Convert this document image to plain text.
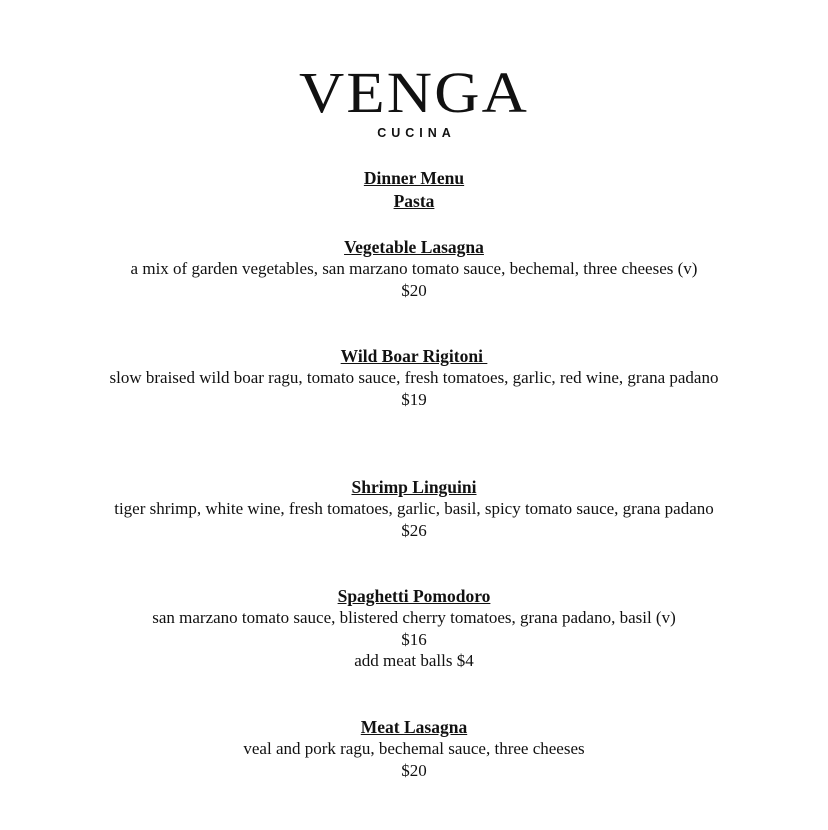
VENGA
CUCINA
Dinner Menu
Pasta
Vegetable Lasagna
a mix of garden vegetables, san marzano tomato sauce, bechemal, three cheeses (v)
$20
Wild Boar Rigitoni
slow braised wild boar ragu, tomato sauce, fresh tomatoes, garlic, red wine, grana padano
$19
Shrimp Linguini
tiger shrimp, white wine, fresh tomatoes, garlic, basil, spicy tomato sauce, grana padano
$26
Spaghetti Pomodoro
san marzano tomato sauce, blistered cherry tomatoes, grana padano, basil (v)
$16
add meat balls $4
Meat Lasagna
veal and pork ragu, bechemal sauce, three cheeses
$20
